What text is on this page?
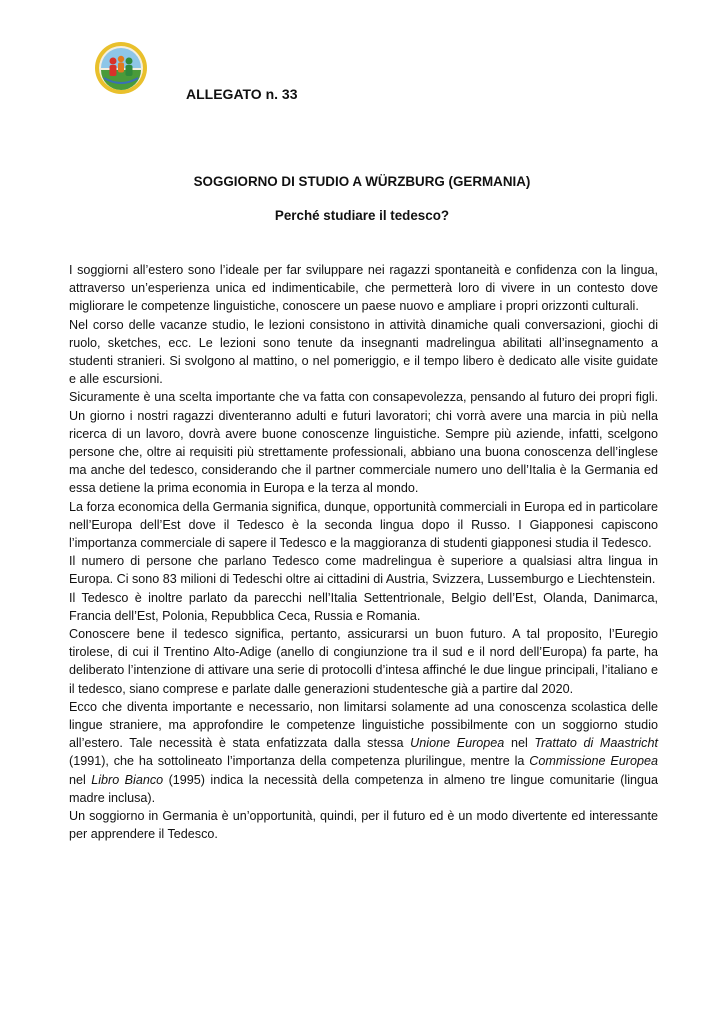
ALLEGATO n. 33
SOGGIORNO DI STUDIO A WÜRZBURG (GERMANIA)
Perché studiare il tedesco?

I soggiorni all’estero sono l’ideale per far sviluppare nei ragazzi spontaneità e confidenza con la lingua, attraverso un’esperienza unica ed indimenticabile, che permetterà loro di vivere in un contesto dove migliorare le competenze linguistiche, conoscere un paese nuovo e ampliare i propri orizzonti culturali.

Nel corso delle vacanze studio, le lezioni consistono in attività dinamiche quali conversazioni, giochi di ruolo, sketches, ecc. Le lezioni sono tenute da insegnanti madrelingua abilitati all’insegnamento a studenti stranieri. Si svolgono al mattino, o nel pomeriggio, e il tempo libero è dedicato alle visite guidate e alle escursioni.

Sicuramente è una scelta importante che va fatta con consapevolezza, pensando al futuro dei propri figli. Un giorno i nostri ragazzi diventeranno adulti e futuri lavoratori; chi vorrà avere una marcia in più nella ricerca di un lavoro, dovrà avere buone conoscenze linguistiche. Sempre più aziende, infatti, scelgono persone che, oltre ai requisiti più strettamente professionali, abbiano una buona conoscenza dell’inglese ma anche del tedesco, considerando che il partner commerciale numero uno dell’Italia è la Germania ed essa detiene la prima economia in Europa e la terza al mondo.

La forza economica della Germania significa, dunque, opportunità commerciali in Europa ed in particolare nell’Europa dell’Est dove il Tedesco è la seconda lingua dopo il Russo. I Giapponesi capiscono l’importanza commerciale di sapere il Tedesco e la maggioranza di studenti giapponesi studia il Tedesco.

Il numero di persone che parlano Tedesco come madrelingua è superiore a qualsiasi altra lingua in Europa. Ci sono 83 milioni di Tedeschi oltre ai cittadini di Austria, Svizzera, Lussemburgo e Liechtenstein.

Il Tedesco è inoltre parlato da parecchi nell’Italia Settentrionale, Belgio dell’Est, Olanda, Danimarca, Francia dell’Est, Polonia, Repubblica Ceca, Russia e Romania.

Conoscere bene il tedesco significa, pertanto, assicurarsi un buon futuro. A tal proposito, l’Euregio tirolese, di cui il Trentino Alto-Adige (anello di congiunzione tra il sud e il nord dell’Europa) fa parte, ha deliberato l’intenzione di attivare una serie di protocolli d’intesa affinché le due lingue principali, l’italiano e il tedesco, siano comprese e parlate dalle generazioni studentesche già a partire dal 2020.

Ecco che diventa importante e necessario, non limitarsi solamente ad una conoscenza scolastica delle lingue straniere, ma approfondire le competenze linguistiche possibilmente con un soggiorno studio all’estero. Tale necessità è stata enfatizzata dalla stessa Unione Europea nel Trattato di Maastricht (1991), che ha sottolineato l’importanza della competenza plurilingue, mentre la Commissione Europea nel Libro Bianco (1995) indica la necessità della competenza in almeno tre lingue comunitarie (lingua madre inclusa).

Un soggiorno in Germania è un’opportunità, quindi, per il futuro ed è un modo divertente ed interessante per apprendere il Tedesco.
